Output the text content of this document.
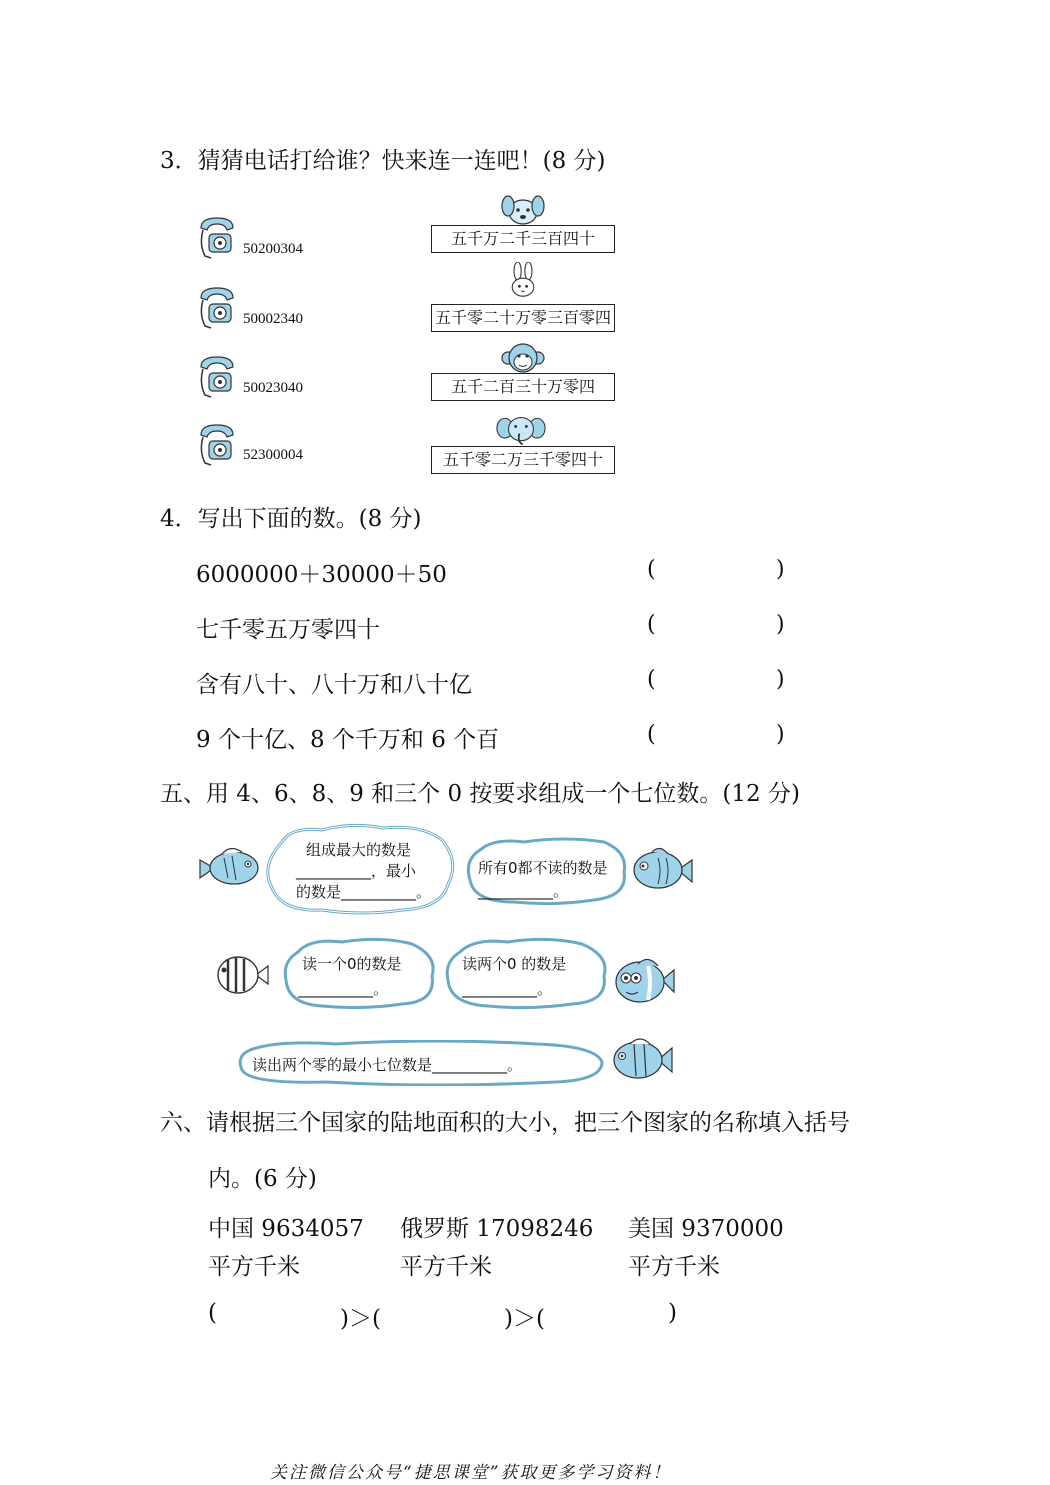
3．猜猜电话打给谁？快来连一连吧！(8 分)
50200304
50002340
50023040
52300004
五千万二千三百四十
五千零二十万零三百零四
五千二百三十万零四
五千零二万三千零四十
4．写出下面的数。(8 分)
6000000＋30000＋50	(	)
七千零五万零四十	(	)
含有八十、八十万和八十亿	(	)
9 个十亿、8 个千万和 6 个百	(	)
五、用 4、6、8、9 和三个 0 按要求组成一个七位数。(12 分)
组成最大的数是
__________，最小
的数是__________。
所有0都不读的数是
__________。
读一个0的数是
__________。
读两个0 的数是
__________。
读出两个零的最小七位数是__________。
六、请根据三个国家的陆地面积的大小，把三个图家的名称填入括号
内。(6 分)
中国 9634057
平方千米
俄罗斯 17098246
平方千米
美国 9370000
平方千米
(	)＞(	)＞(	)
关注微信公众号“捷思课堂”获取更多学习资料！
